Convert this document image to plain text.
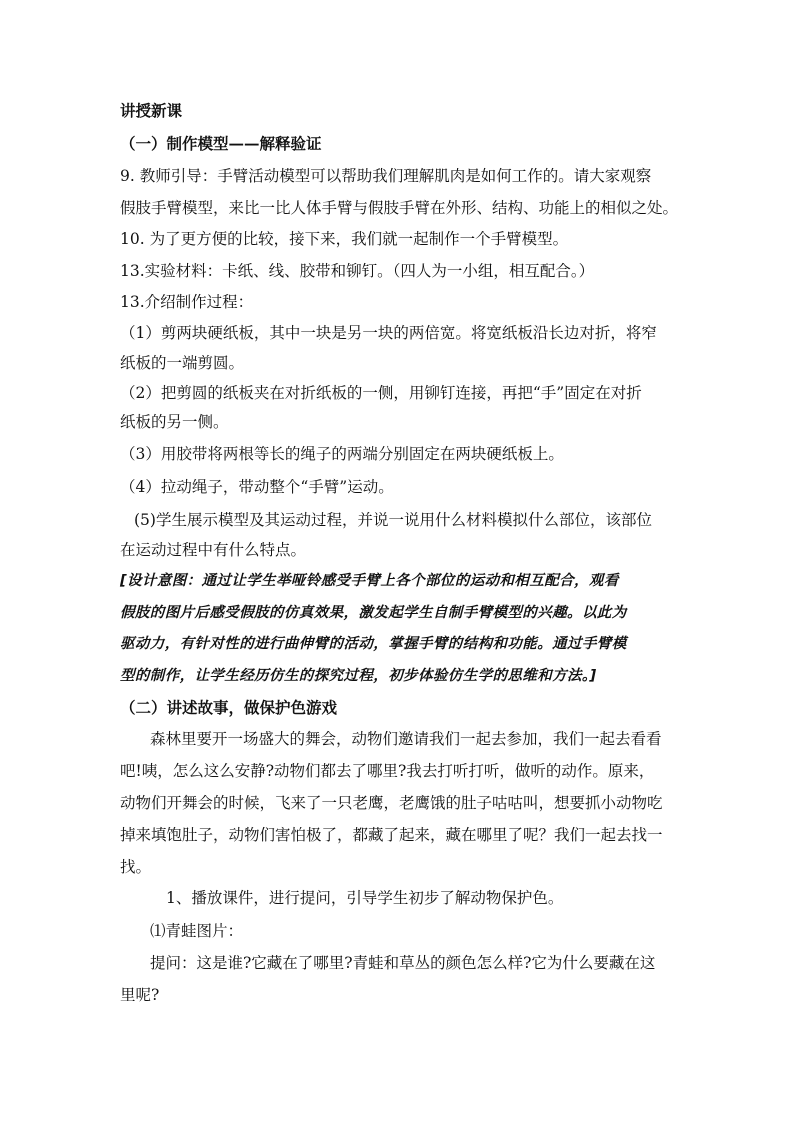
讲授新课
（一）制作模型——解释验证
9. 教师引导：手臂活动模型可以帮助我们理解肌肉是如何工作的。请大家观察
假肢手臂模型，来比一比人体手臂与假肢手臂在外形、结构、功能上的相似之处。
10. 为了更方便的比较，接下来，我们就一起制作一个手臂模型。
13.实验材料：卡纸、线、胶带和铆钉。（四人为一小组，相互配合。）
13.介绍制作过程：
（1）剪两块硬纸板，其中一块是另一块的两倍宽。将宽纸板沿长边对折，将窄
纸板的一端剪圆。
（2）把剪圆的纸板夹在对折纸板的一侧，用铆钉连接，再把“手”固定在对折
纸板的另一侧。
（3）用胶带将两根等长的绳子的两端分别固定在两块硬纸板上。
（4）拉动绳子，带动整个“手臂”运动。
(5)学生展示模型及其运动过程，并说一说用什么材料模拟什么部位，该部位
在运动过程中有什么特点。
[设计意图：通过让学生举哑铃感受手臂上各个部位的运动和相互配合，观看
假肢的图片后感受假肢的仿真效果，激发起学生自制手臂模型的兴趣。以此为
驱动力，有针对性的进行曲伸臂的活动，掌握手臂的结构和功能。通过手臂模
型的制作，让学生经历仿生的探究过程，初步体验仿生学的思维和方法。]
（二）讲述故事，做保护色游戏
森林里要开一场盛大的舞会，动物们邀请我们一起去参加，我们一起去看看
吧!咦，怎么这么安静?动物们都去了哪里?我去打听打听，做听的动作。原来，
动物们开舞会的时候，飞来了一只老鹰，老鹰饿的肚子咕咕叫，想要抓小动物吃
掉来填饱肚子，动物们害怕极了，都藏了起来，藏在哪里了呢？我们一起去找一
找。
1、播放课件，进行提问，引导学生初步了解动物保护色。
⑴青蛙图片：
提问：这是谁?它藏在了哪里?青蛙和草丛的颜色怎么样?它为什么要藏在这
里呢?
